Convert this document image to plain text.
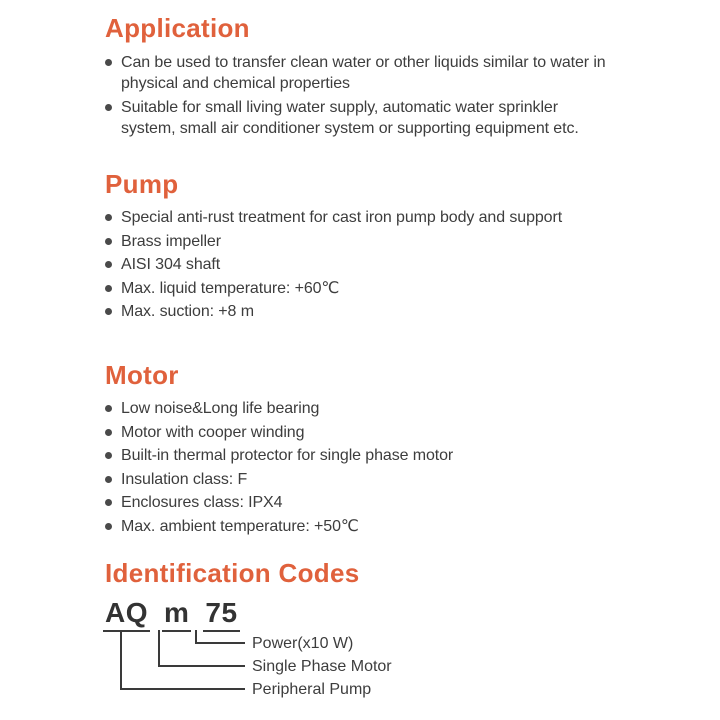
Application
Can be used to transfer clean water or other liquids similar to water in physical and chemical properties
Suitable for small living water supply, automatic water sprinkler system, small air conditioner system or supporting equipment etc.
Pump
Special anti-rust treatment for cast iron pump body and support
Brass impeller
AISI 304 shaft
Max. liquid temperature: +60℃
Max. suction: +8 m
Motor
Low noise&Long life bearing
Motor with cooper winding
Built-in thermal protector for single phase motor
Insulation class: F
Enclosures class: IPX4
Max. ambient temperature: +50℃
Identification Codes
AQ m 75
Power(x10 W)
Single Phase Motor
Peripheral Pump
